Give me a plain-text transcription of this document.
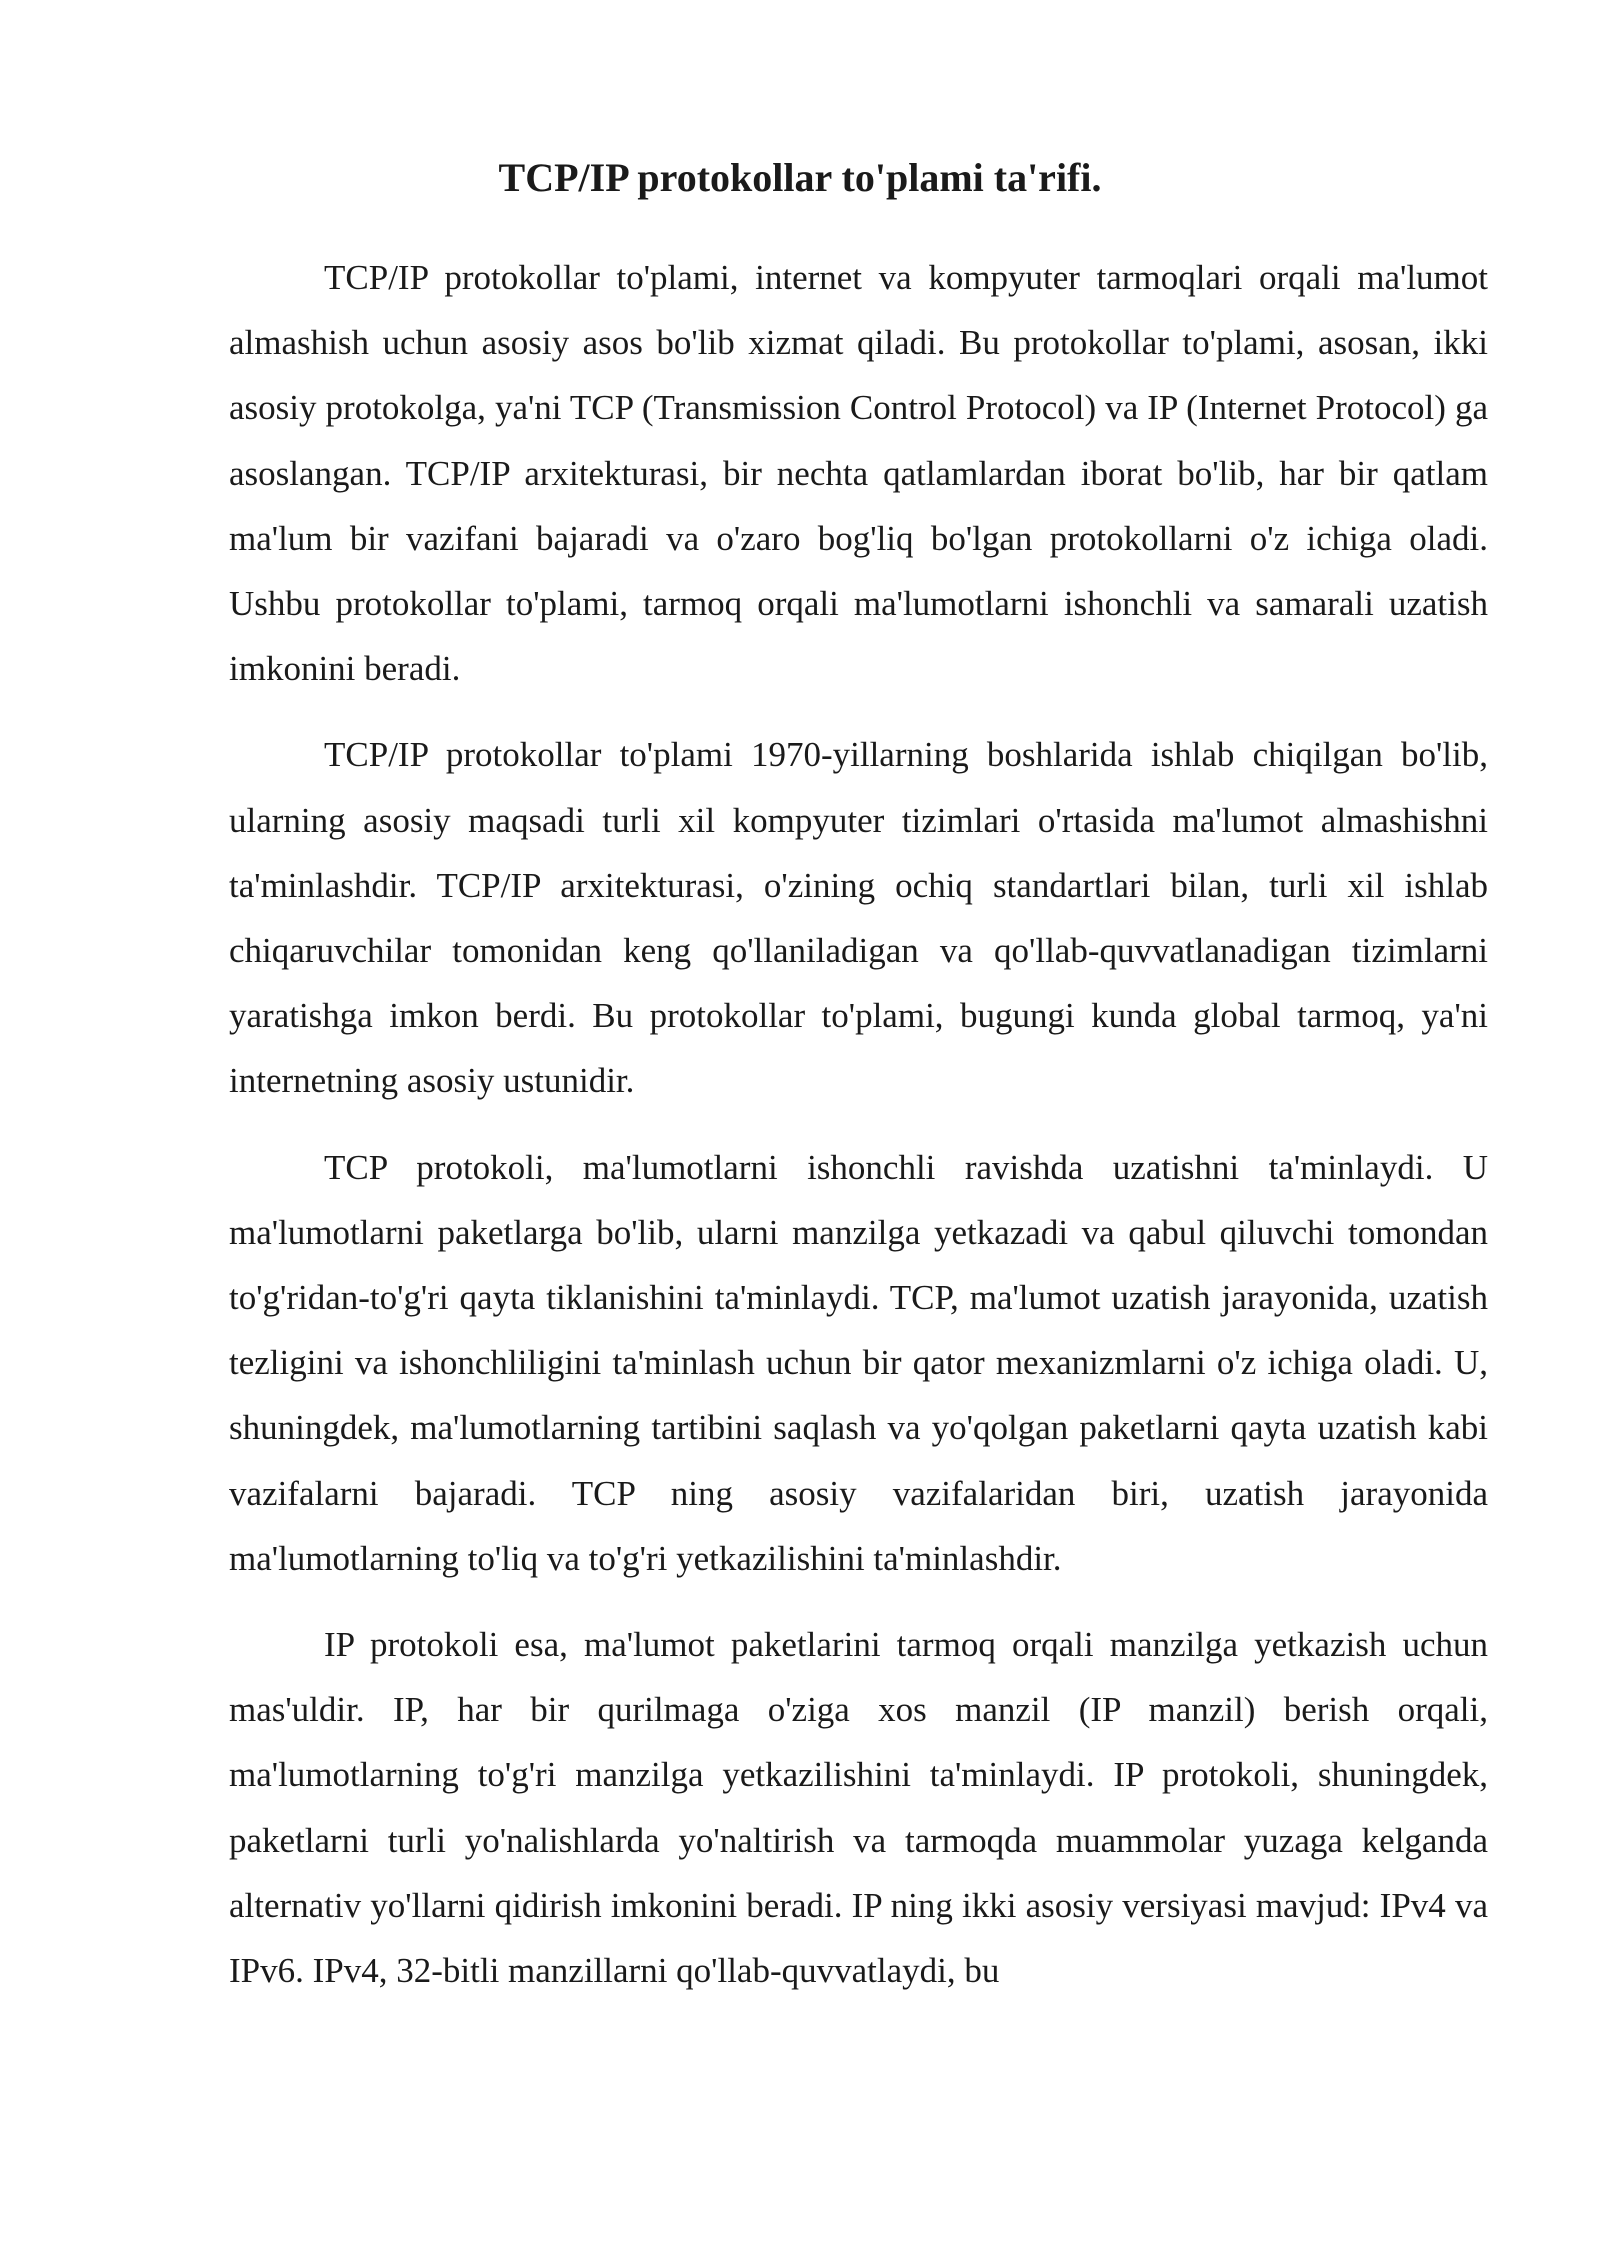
TCP/IP protokollar to'plami ta'rifi.

TCP/IP protokollar to'plami, internet va kompyuter tarmoqlari orqali ma'lumot almashish uchun asosiy asos bo'lib xizmat qiladi. Bu protokollar to'plami, asosan, ikki asosiy protokolga, ya'ni TCP (Transmission Control Protocol) va IP (Internet Protocol) ga asoslangan. TCP/IP arxitekturasi, bir nechta qatlamlardan iborat bo'lib, har bir qatlam ma'lum bir vazifani bajaradi va o'zaro bog'liq bo'lgan protokollarni o'z ichiga oladi. Ushbu protokollar to'plami, tarmoq orqali ma'lumotlarni ishonchli va samarali uzatish imkonini beradi.

TCP/IP protokollar to'plami 1970-yillarning boshlarida ishlab chiqilgan bo'lib, ularning asosiy maqsadi turli xil kompyuter tizimlari o'rtasida ma'lumot almashishni ta'minlashdir. TCP/IP arxitekturasi, o'zining ochiq standartlari bilan, turli xil ishlab chiqaruvchilar tomonidan keng qo'llaniladigan va qo'llab-quvvatlanadigan tizimlarni yaratishga imkon berdi. Bu protokollar to'plami, bugungi kunda global tarmoq, ya'ni internetning asosiy ustunidir.

TCP protokoli, ma'lumotlarni ishonchli ravishda uzatishni ta'minlaydi. U ma'lumotlarni paketlarga bo'lib, ularni manzilga yetkazadi va qabul qiluvchi tomondan to'g'ridan-to'g'ri qayta tiklanishini ta'minlaydi. TCP, ma'lumot uzatish jarayonida, uzatish tezligini va ishonchliligini ta'minlash uchun bir qator mexanizmlarni o'z ichiga oladi. U, shuningdek, ma'lumotlarning tartibini saqlash va yo'qolgan paketlarni qayta uzatish kabi vazifalarni bajaradi. TCP ning asosiy vazifalaridan biri, uzatish jarayonida ma'lumotlarning to'liq va to'g'ri yetkazilishini ta'minlashdir.

IP protokoli esa, ma'lumot paketlarini tarmoq orqali manzilga yetkazish uchun mas'uldir. IP, har bir qurilmaga o'ziga xos manzil (IP manzil) berish orqali, ma'lumotlarning to'g'ri manzilga yetkazilishini ta'minlaydi. IP protokoli, shuningdek, paketlarni turli yo'nalishlarda yo'naltirish va tarmoqda muammolar yuzaga kelganda alternativ yo'llarni qidirish imkonini beradi. IP ning ikki asosiy versiyasi mavjud: IPv4 va IPv6. IPv4, 32-bitli manzillarni qo'llab-quvvatlaydi, bu
